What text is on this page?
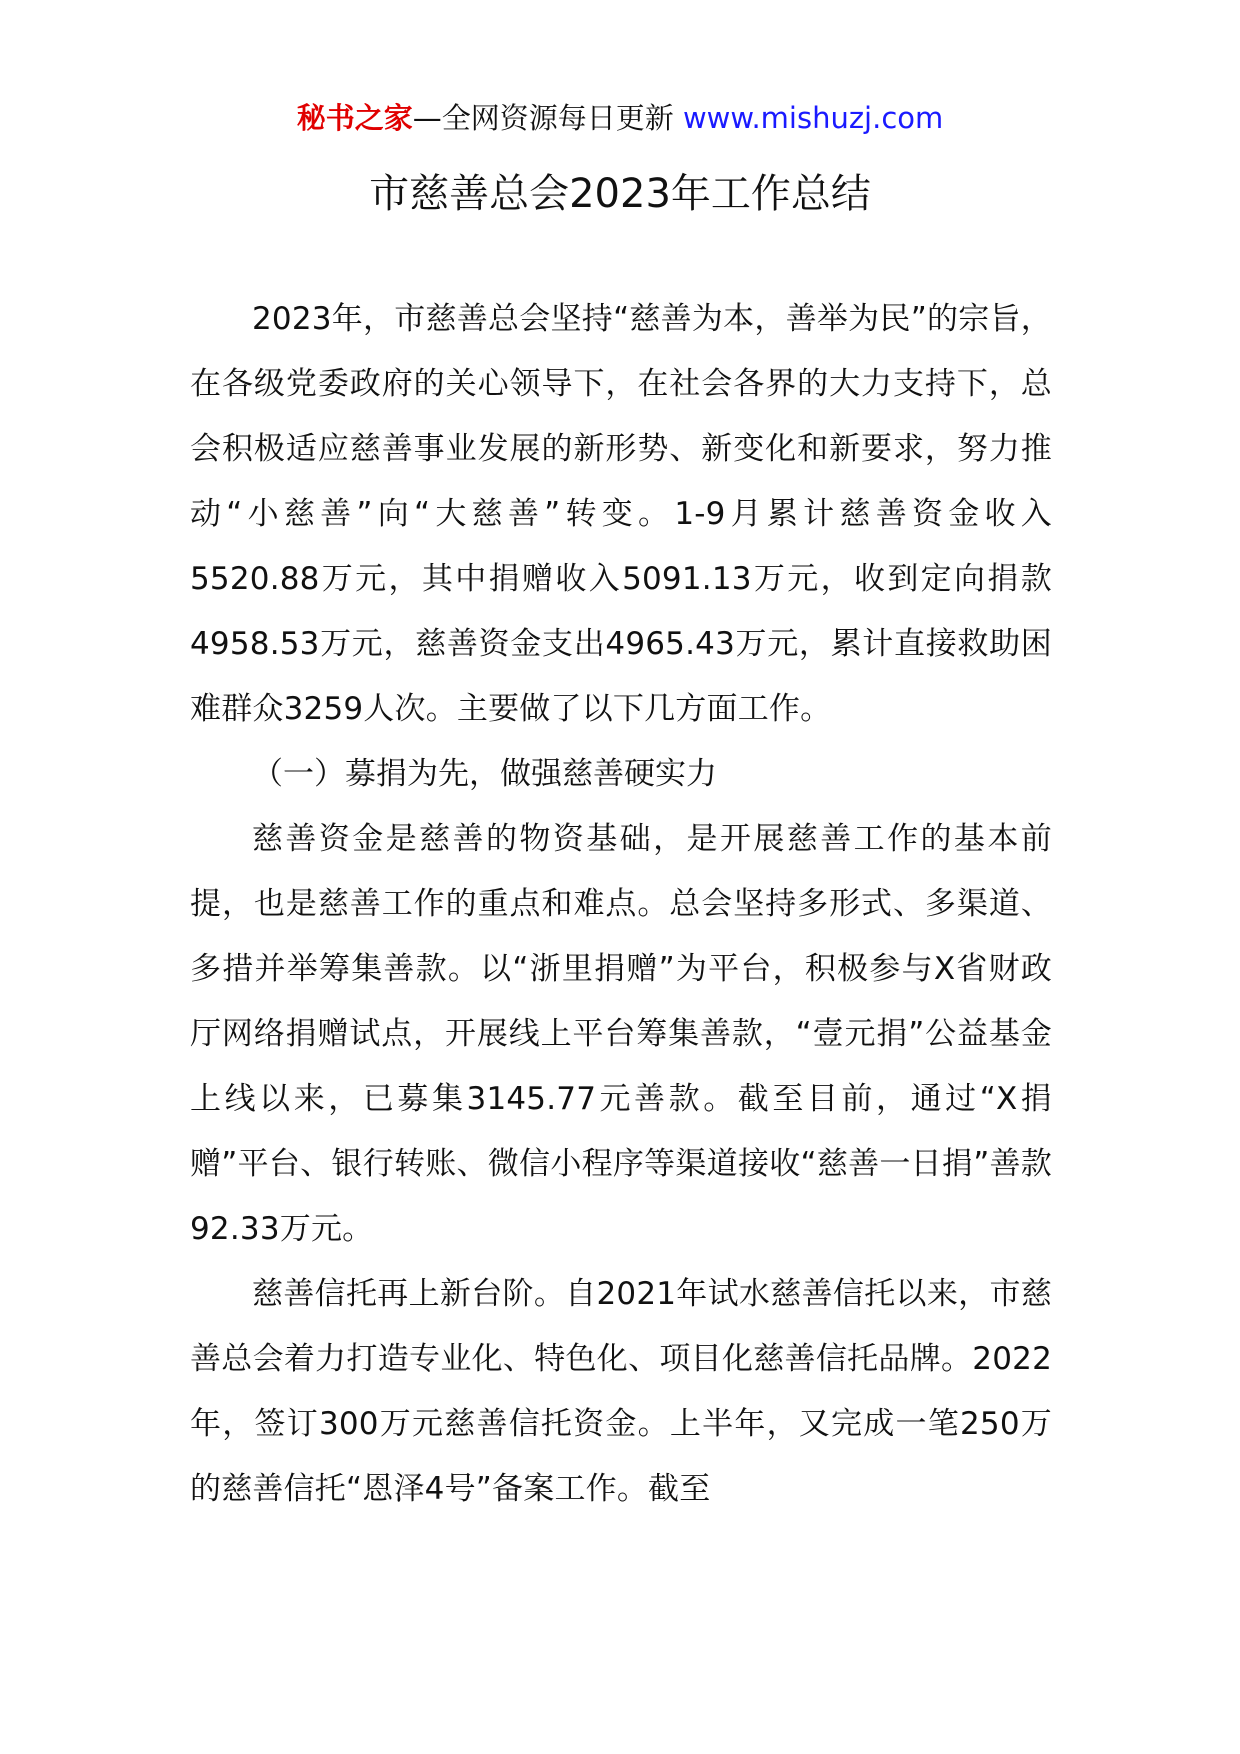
秘书之家—全网资源每日更新 www.mishuzj.com
市慈善总会2023年工作总结

2023年，市慈善总会坚持“慈善为本，善举为民”的宗旨，在各级党委政府的关心领导下，在社会各界的大力支持下，总会积极适应慈善事业发展的新形势、新变化和新要求，努力推动“小慈善”向“大慈善”转变。1-9月累计慈善资金收入5520.88万元，其中捐赠收入5091.13万元，收到定向捐款4958.53万元，慈善资金支出4965.43万元，累计直接救助困难群众3259人次。主要做了以下几方面工作。

（一）募捐为先，做强慈善硬实力

慈善资金是慈善的物资基础，是开展慈善工作的基本前提，也是慈善工作的重点和难点。总会坚持多形式、多渠道、多措并举筹集善款。以“浙里捐赠”为平台，积极参与X省财政厅网络捐赠试点，开展线上平台筹集善款，“壹元捐”公益基金上线以来，已募集3145.77元善款。截至目前，通过“X捐赠”平台、银行转账、微信小程序等渠道接收“慈善一日捐”善款92.33万元。

慈善信托再上新台阶。自2021年试水慈善信托以来，市慈善总会着力打造专业化、特色化、项目化慈善信托品牌。2022年，签订300万元慈善信托资金。上半年，又完成一笔250万的慈善信托“恩泽4号”备案工作。截至
